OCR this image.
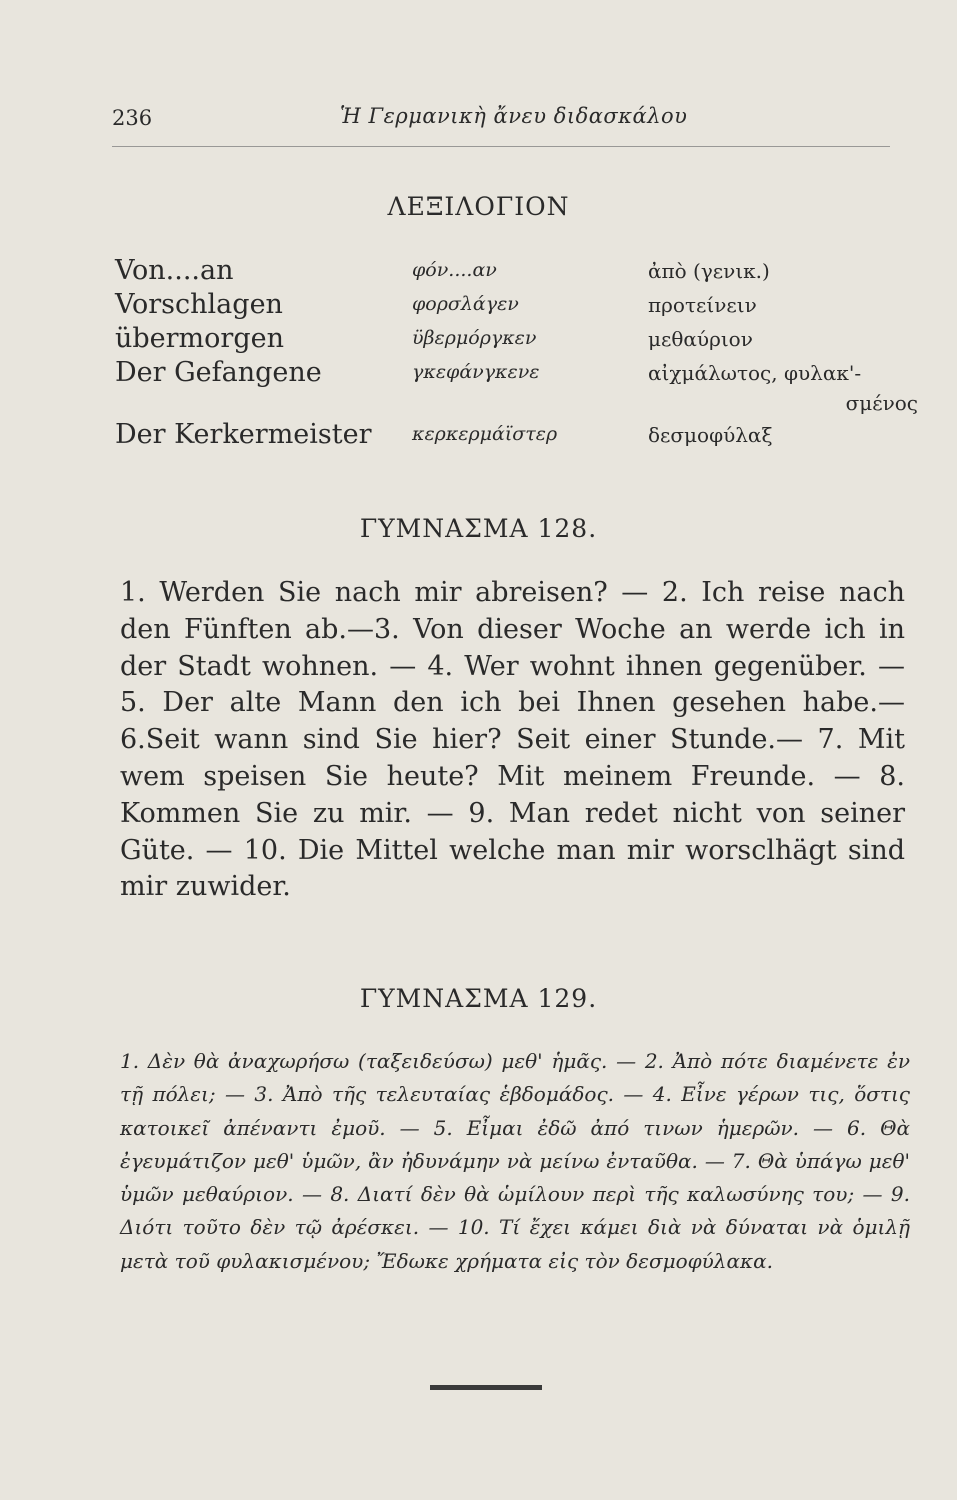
236	Ἡ Γερμανικὴ ἄνευ διδασκάλου
ΛΕΞΙΛΟΓΙΟΝ
Von....an	φόν....αν	ἀπὸ (γενικ.)
Vorschlagen	φορσλάγεν	προτείνειν
übermorgen	ϋβερμόργκεν	μεθαύριον
Der Gefangene	γκεφάνγκενε	αἰχμάλωτος, φυλακ'-
σμένος
Der Kerkermeister κερκερμάϊστερ	δεσμοφύλαξ
ΓΥΜΝΑΣΜΑ 128.
1. Werden Sie nach mir abreisen? — 2. Ich reise nach den Fünften ab.—3. Von dieser Woche an werde ich in der Stadt wohnen. — 4. Wer wohnt ihnen gegenüber. — 5. Der alte Mann den ich bei Ihnen gesehen habe.—6.Seit wann sind Sie hier? Seit einer Stunde.— 7. Mit wem speisen Sie heute? Mit meinem Freunde. — 8. Kommen Sie zu mir. — 9. Man redet nicht von seiner Güte. — 10. Die Mittel welche man mir worsclhägt sind mir zuwider.
ΓΥΜΝΑΣΜΑ 129.
1. Δὲν θὰ ἀναχωρήσω (ταξειδεύσω) μεθ' ἡμᾶς. — 2. Ἀπὸ πότε διαμένετε ἐν τῇ πόλει; — 3. Ἀπὸ τῆς τελευταίας ἑβδομάδος. — 4. Εἶνε γέρων τις, ὅστις κατοικεῖ ἀπέναντι ἐμοῦ. — 5. Εἶμαι ἐδῶ ἀπό τινων ἡμερῶν. — 6. Θὰ ἐγευμάτιζον μεθ' ὑμῶν, ἂν ἠδυνάμην νὰ μείνω ἐνταῦθα. — 7. Θὰ ὑπάγω μεθ' ὑμῶν μεθαύριον. — 8. Διατί δὲν θὰ ὡμίλουν περὶ τῆς καλωσύνης του; — 9. Διότι τοῦτο δὲν τῷ ἀρέσκει. — 10. Τί ἔχει κάμει διὰ νὰ δύναται νὰ ὁμιλῇ μετὰ τοῦ φυλακισμένου; Ἔδωκε χρήματα εἰς τὸν δεσμοφύλακα.
